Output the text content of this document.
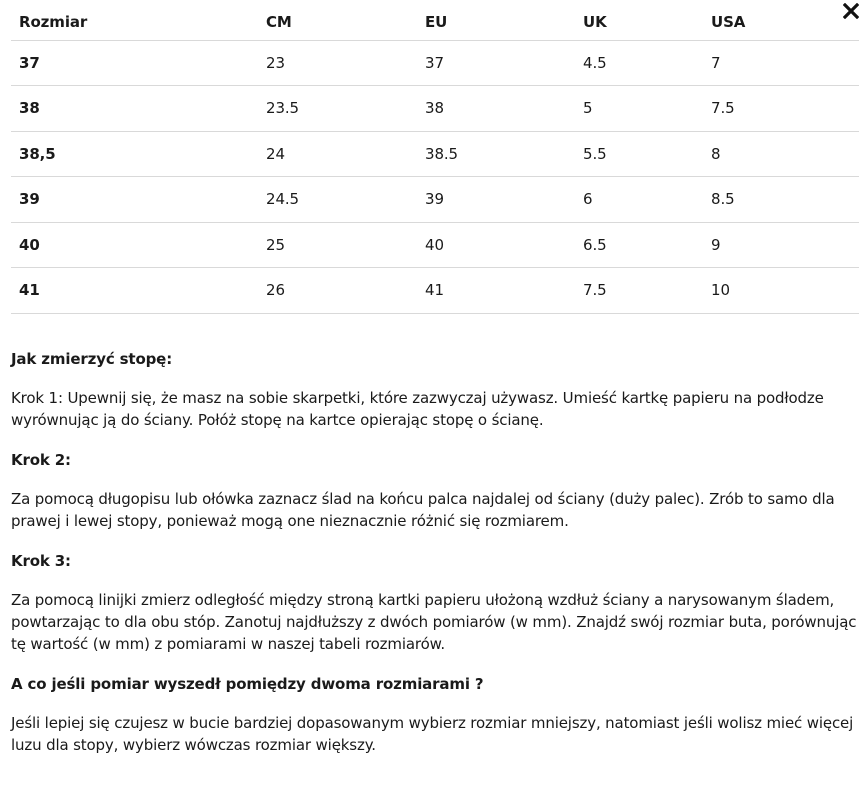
Rozmiar	CM	EU	UK	USA
37	23	37	4.5	7
38	23.5	38	5	7.5
38,5	24	38.5	5.5	8
39	24.5	39	6	8.5
40	25	40	6.5	9
41	26	41	7.5	10
Jak zmierzyć stopę:

Krok 1: Upewnij się, że masz na sobie skarpetki, które zazwyczaj używasz. Umieść kartkę papieru na podłodze wyrównując ją do ściany. Połóż stopę na kartce opierając stopę o ścianę.

Krok 2:

Za pomocą długopisu lub ołówka zaznacz ślad na końcu palca najdalej od ściany (duży palec). Zrób to samo dla prawej i lewej stopy, ponieważ mogą one nieznacznie różnić się rozmiarem.

Krok 3:

Za pomocą linijki zmierz odległość między stroną kartki papieru ułożoną wzdłuż ściany a narysowanym śladem, powtarzając to dla obu stóp. Zanotuj najdłuższy z dwóch pomiarów (w mm). Znajdź swój rozmiar buta, porównując tę wartość (w mm) z pomiarami w naszej tabeli rozmiarów.

A co jeśli pomiar wyszedł pomiędzy dwoma rozmiarami ?

Jeśli lepiej się czujesz w bucie bardziej dopasowanym wybierz rozmiar mniejszy, natomiast jeśli wolisz mieć więcej luzu dla stopy, wybierz wówczas rozmiar większy.
